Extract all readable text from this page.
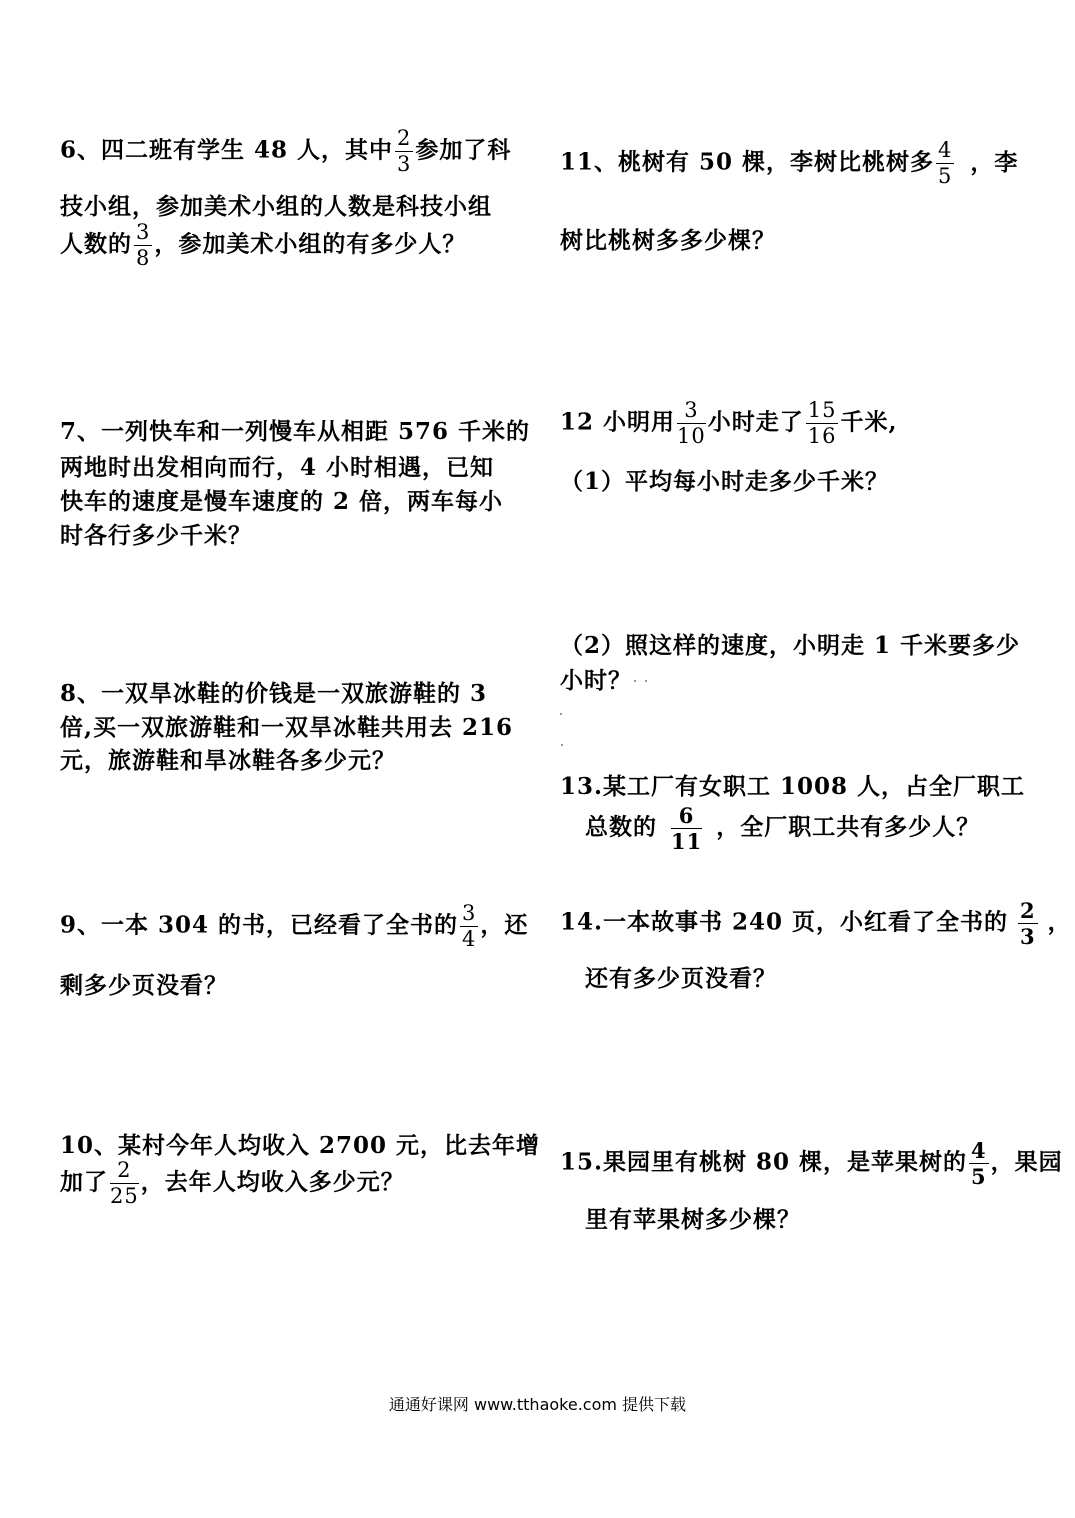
6、四二班有学生 48 人，其中 $\frac{2}{3}$ 参加了科
技小组，参加美术小组的人数是科技小组
人数的 $\frac{3}{8}$ ，参加美术小组的有多少人？
7、一列快车和一列慢车从相距 576 千米的
两地时出发相向而行，4 小时相遇，已知
快车的速度是慢车速度的 2 倍，两车每小
时各行多少千米？
8、一双旱冰鞋的价钱是一双旅游鞋的 3
倍,买一双旅游鞋和一双旱冰鞋共用去 216
元，旅游鞋和旱冰鞋各多少元？
9、一本 304 的书，已经看了全书的 $\frac{3}{4}$ ，还
剩多少页没看？
10、某村今年人均收入 2700 元，比去年增
加了 $\frac{2}{25}$ ，去年人均收入多少元？
11、桃树有 50 棵，李树比桃树多 $\frac{4}{5}$ ，李
树比桃树多多少棵？
12 小明用 $\frac{3}{10}$ 小时走了 $\frac{15}{16}$ 千米,
（1）平均每小时走多少千米？
（2）照这样的速度，小明走 1 千米要多少
小时？
13.某工厂有女职工 1008 人，占全厂职工
总数的 $\frac{6}{11}$ ，全厂职工共有多少人？
14.一本故事书 240 页，小红看了全书的 $\frac{2}{3}$ ，
还有多少页没看？
15.果园里有桃树 80 棵，是苹果树的 $\frac{4}{5}$ ，果园
里有苹果树多少棵？
通通好课网 www.tthaoke.com 提供下载
